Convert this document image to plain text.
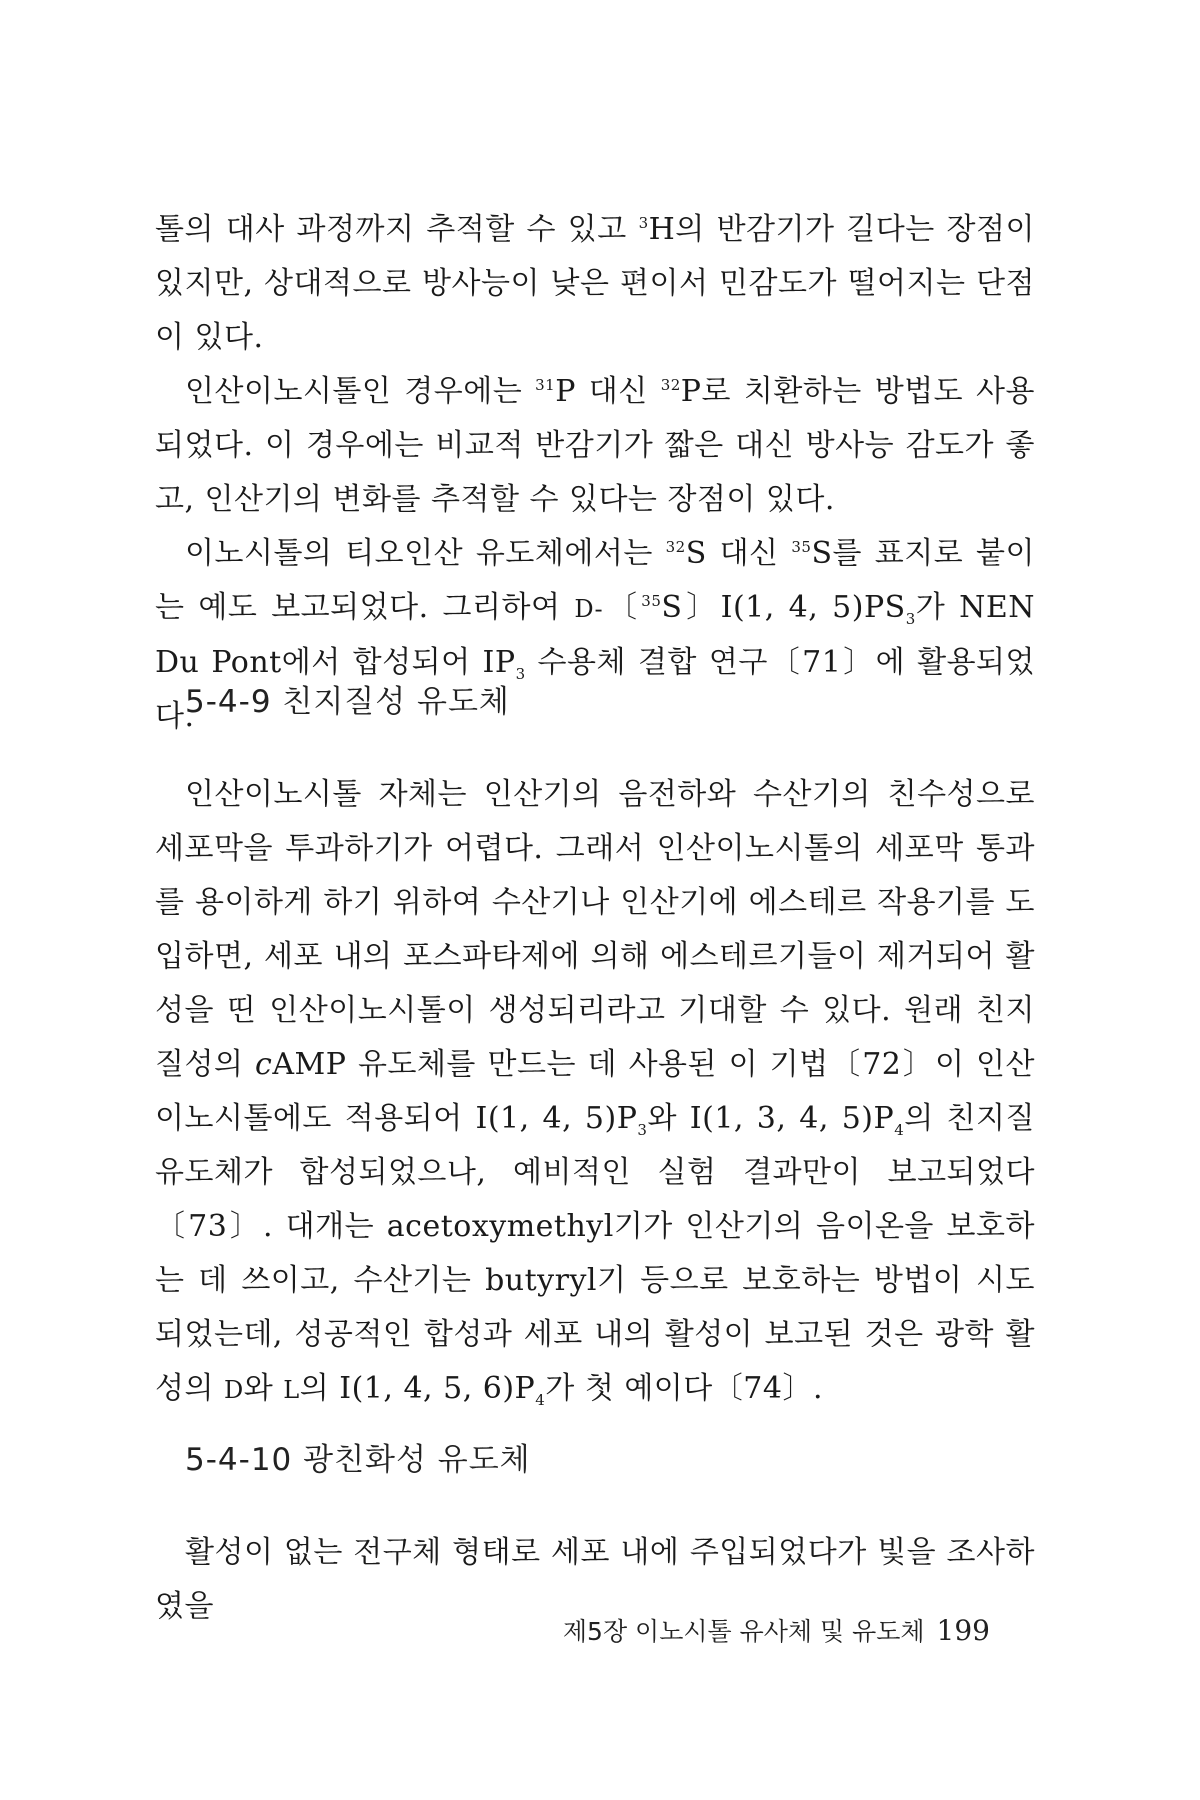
톨의 대사 과정까지 추적할 수 있고 $^3$H의 반감기가 길다는 장점이 있지만, 상대적으로 방사능이 낮은 편이서 민감도가 떨어지는 단점이 있다.

인산이노시톨인 경우에는 $^{31}$P 대신 $^{32}$P로 치환하는 방법도 사용되었다. 이 경우에는 비교적 반감기가 짧은 대신 방사능 감도가 좋고, 인산기의 변화를 추적할 수 있다는 장점이 있다.

이노시톨의 티오인산 유도체에서는 $^{32}$S 대신 $^{35}$S를 표지로 붙이는 예도 보고되었다. 그리하여 D-〔$^{35}$S〕I(1, 4, $5)PS_3$가 NEN Du Pont에서 합성되어 $IP_3$ 수용체 결합 연구〔71〕에 활용되었다.

5-4-9 친지질성 유도체

인산이노시톨 자체는 인산기의 음전하와 수산기의 친수성으로 세포막을 투과하기가 어렵다. 그래서 인산이노시톨의 세포막 통과를 용이하게 하기 위하여 수산기나 인산기에 에스테르 작용기를 도입하면, 세포 내의 포스파타제에 의해 에스테르기들이 제거되어 활성을 띤 인산이노시톨이 생성되리라고 기대할 수 있다. 원래 친지질성의 cAMP 유도체를 만드는 데 사용된 이 기법〔72〕이 인산이노시톨에도 적용되어 I(1, 4, $5)P_3$와 I(1, 3, 4, $5)P_4$의 친지질 유도체가 합성되었으나, 예비적인 실험 결과만이 보고되었다〔73〕. 대개는 acetoxymethyl기가 인산기의 음이온을 보호하는 데 쓰이고, 수산기는 butyryl기 등으로 보호하는 방법이 시도되었는데, 성공적인 합성과 세포 내의 활성이 보고된 것은 광학 활성의 D와 L의 I(1, 4, 5, $6)P_4$가 첫 예이다〔74〕.

5-4-10 광친화성 유도체

활성이 없는 전구체 형태로 세포 내에 주입되었다가 빛을 조사하였을

제5장 이노시톨 유사체 및 유도체 199
